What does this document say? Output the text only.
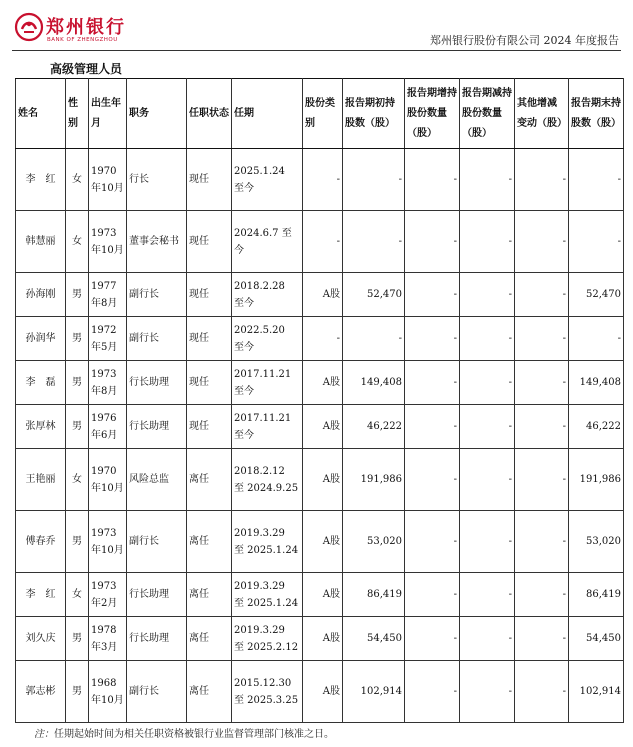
郑州银行
BANK OF ZHENGZHOU	郑州银行股份有限公司 2024 年度报告
高级管理人员
姓名	性别	出生年月	职务	任职状态	任期	股份类别	报告期初持股数（股）	报告期增持股份数量（股）	报告期减持股份数量（股）	其他增减变动（股）	报告期末持股数（股）
李　红	女	1970年10月	行长	现任	2025.1.24　至今	-	-	-	-	-	-
韩慧丽	女	1973年10月	董事会秘书	现任	2024.6.7 至今	-	-	-	-	-	-
孙海刚	男	1977年8月	副行长	现任	2018.2.28　至今	A股	52,470	-	-	-	52,470
孙润华	男	1972年5月	副行长	现任	2022.5.20　至今	-	-	-	-	-	-
李　磊	男	1973年8月	行长助理	现任	2017.11.21 至今	A股	149,408	-	-	-	149,408
张厚林	男	1976年6月	行长助理	现任	2017.11.21 至今	A股	46,222	-	-	-	46,222
王艳丽	女	1970年10月	风险总监	离任	2018.2.12　至 2024.9.25	A股	191,986	-	-	-	191,986
傅春乔	男	1973年10月	副行长	离任	2019.3.29　至 2025.1.24	A股	53,020	-	-	-	53,020
李　红	女	1973年2月	行长助理	离任	2019.3.29　至 2025.1.24	A股	86,419	-	-	-	86,419
刘久庆	男	1978年3月	行长助理	离任	2019.3.29　至 2025.2.12	A股	54,450	-	-	-	54,450
郭志彬	男	1968年10月	副行长	离任	2015.12.30 至 2025.3.25	A股	102,914	-	-	-	102,914
注：任期起始时间为相关任职资格被银行业监督管理部门核准之日。
